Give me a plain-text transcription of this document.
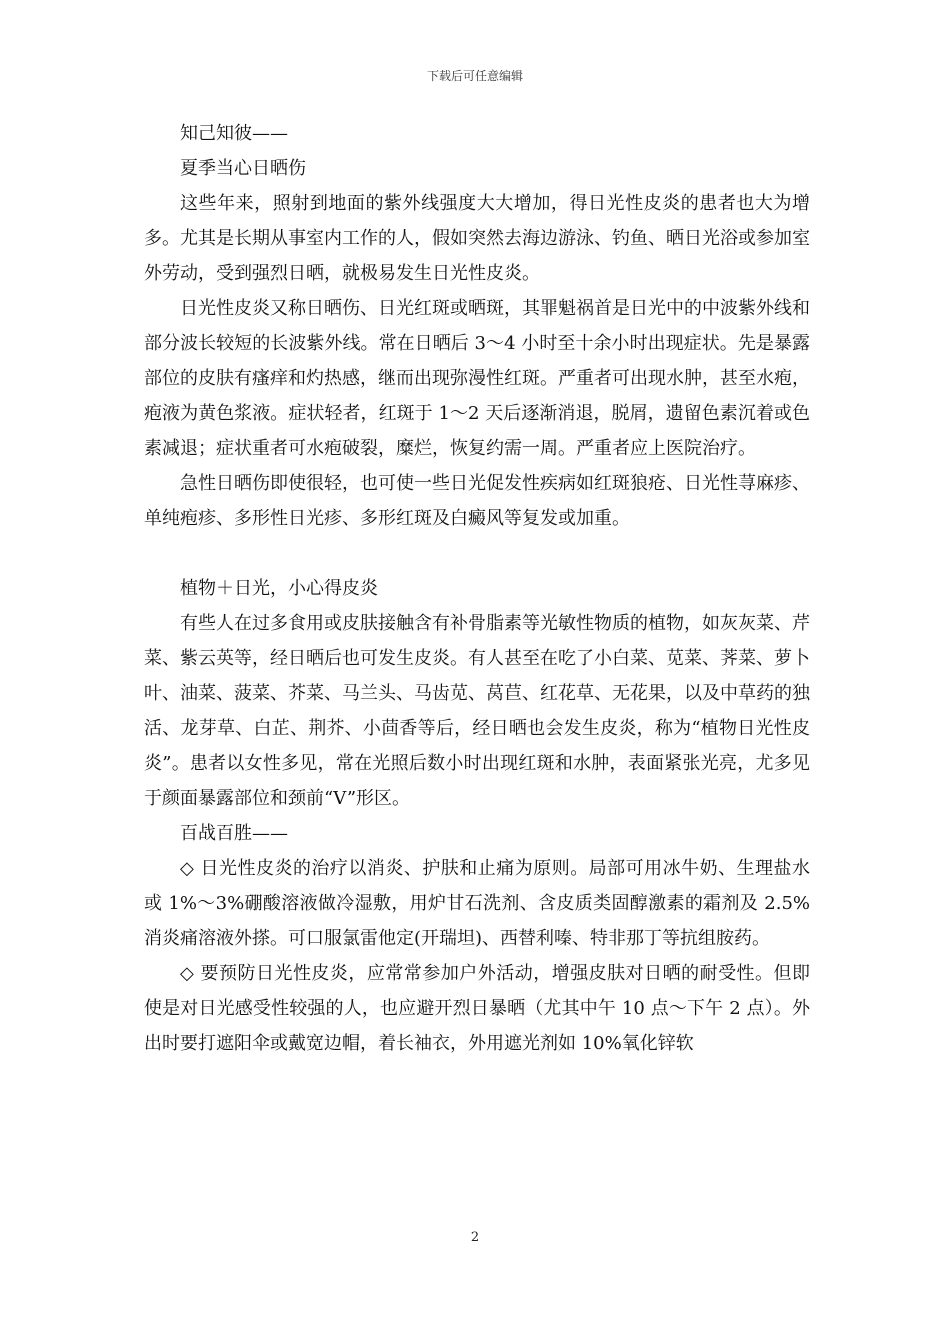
下载后可任意编辑

知己知彼——

夏季当心日晒伤

这些年来，照射到地面的紫外线强度大大增加，得日光性皮炎的患者也大为增多。尤其是长期从事室内工作的人，假如突然去海边游泳、钓鱼、晒日光浴或参加室外劳动，受到强烈日晒，就极易发生日光性皮炎。

日光性皮炎又称日晒伤、日光红斑或晒斑，其罪魁祸首是日光中的中波紫外线和部分波长较短的长波紫外线。常在日晒后 3～4 小时至十余小时出现症状。先是暴露部位的皮肤有瘙痒和灼热感，继而出现弥漫性红斑。严重者可出现水肿，甚至水疱，疱液为黄色浆液。症状轻者，红斑于 1～2 天后逐渐消退，脱屑，遗留色素沉着或色素减退；症状重者可水疱破裂，糜烂，恢复约需一周。严重者应上医院治疗。

急性日晒伤即使很轻，也可使一些日光促发性疾病如红斑狼疮、日光性荨麻疹、单纯疱疹、多形性日光疹、多形红斑及白癜风等复发或加重。

植物＋日光，小心得皮炎

有些人在过多食用或皮肤接触含有补骨脂素等光敏性物质的植物，如灰灰菜、芹菜、紫云英等，经日晒后也可发生皮炎。有人甚至在吃了小白菜、苋菜、荠菜、萝卜叶、油菜、菠菜、芥菜、马兰头、马齿苋、莴苣、红花草、无花果，以及中草药的独活、龙芽草、白芷、荆芥、小茴香等后，经日晒也会发生皮炎，称为“植物日光性皮炎”。患者以女性多见，常在光照后数小时出现红斑和水肿，表面紧张光亮，尤多见于颜面暴露部位和颈前“V”形区。

百战百胜——

◇ 日光性皮炎的治疗以消炎、护肤和止痛为原则。局部可用冰牛奶、生理盐水或 1%～3%硼酸溶液做冷湿敷，用炉甘石洗剂、含皮质类固醇激素的霜剂及 2.5%消炎痛溶液外搽。可口服氯雷他定(开瑞坦)、西替利嗪、特非那丁等抗组胺药。

◇ 要预防日光性皮炎，应常常参加户外活动，增强皮肤对日晒的耐受性。但即使是对日光感受性较强的人，也应避开烈日暴晒（尤其中午 10 点～下午 2 点）。外出时要打遮阳伞或戴宽边帽，着长袖衣，外用遮光剂如 10%氧化锌软

2
